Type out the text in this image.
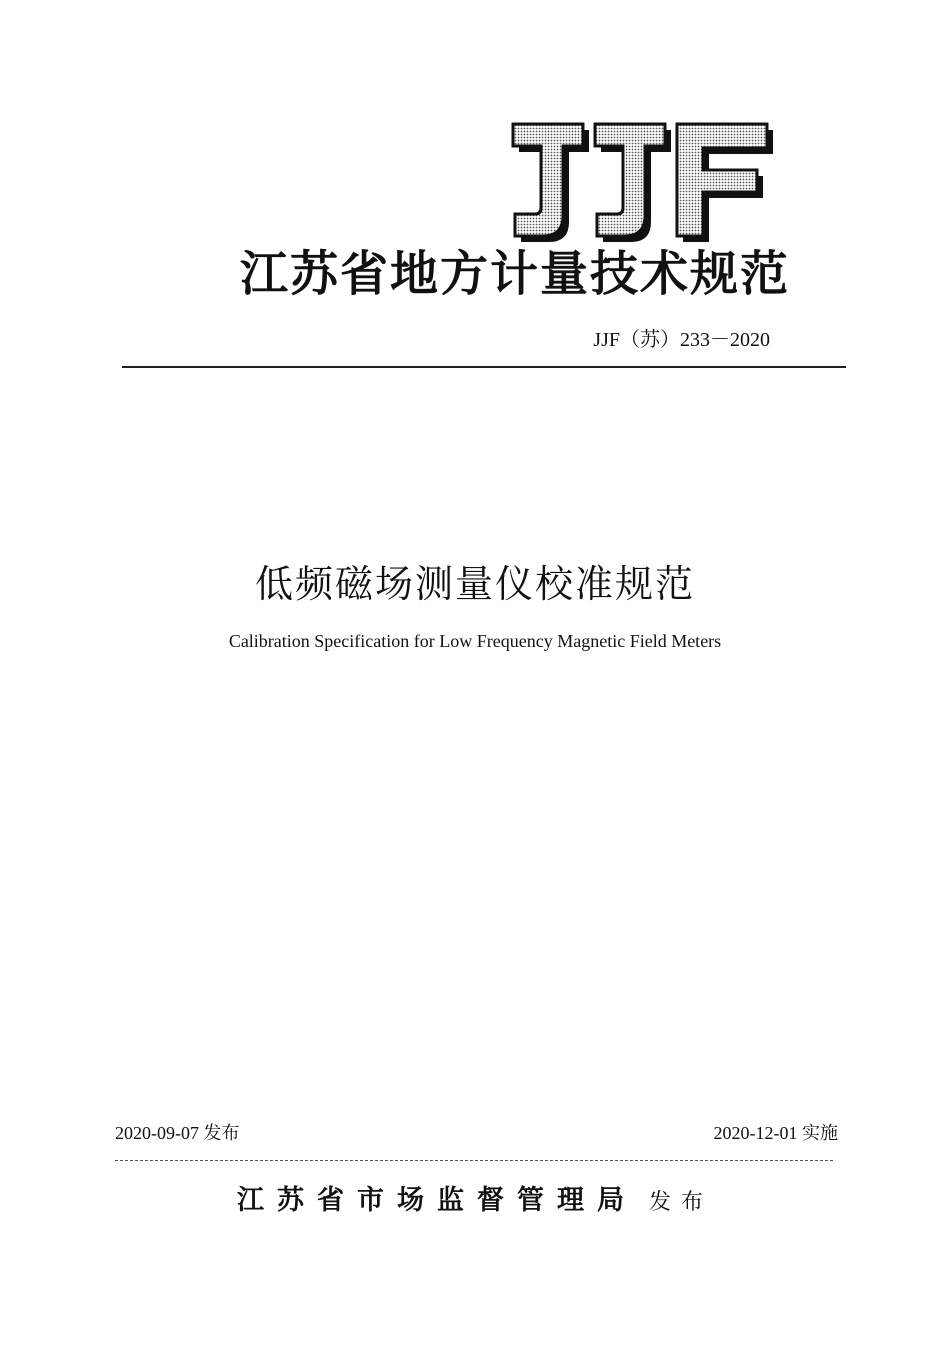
江苏省地方计量技术规范
JJF（苏）233－2020
低频磁场测量仪校准规范
Calibration Specification for Low Frequency Magnetic Field Meters
2020-09-07 发布	2020-12-01 实施
江苏省市场监督管理局 发布
